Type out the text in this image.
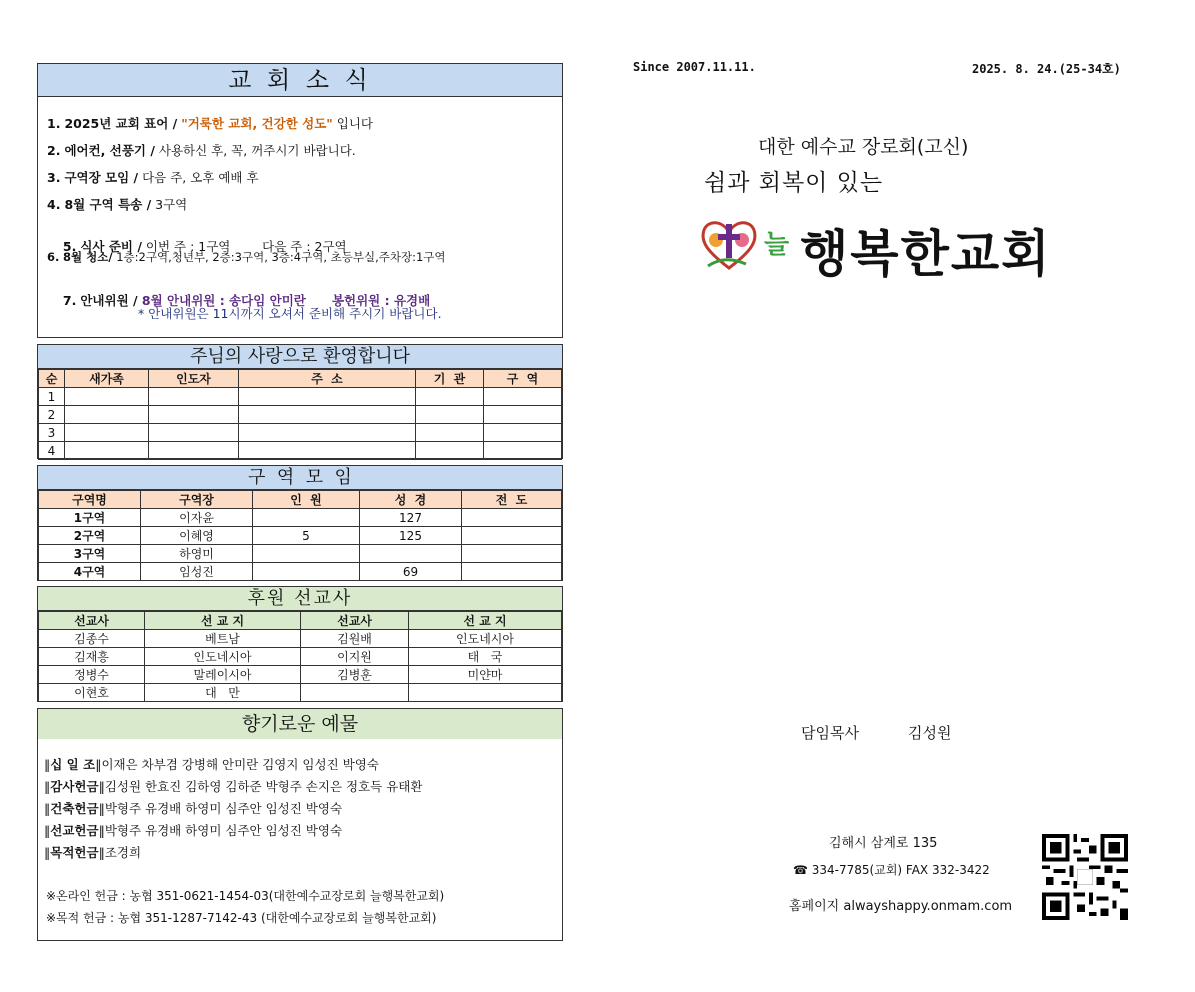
교 회 소 식
1. 2025년 교회 표어 / "거룩한 교회, 건강한 성도" 입니다
2. 에어컨, 선풍기 / 사용하신 후, 꼭, 꺼주시기 바랍니다.
3. 구역장 모임 / 다음 주, 오후 예배 후
4. 8월 구역 특송 / 3구역

5. 식사 준비 / 이번 주 : 1구역        다음 주 : 2구역

6. 8월 청소/ 1층:2구역,청년부, 2층:3구역, 3층:4구역, 초등부실,주차장:1구역

7. 안내위원 / 8월 안내위원 : 송다임 안미란      봉헌위원 : 유경배

* 안내위원은 11시까지 오셔서 준비해 주시기 바랍니다.
주님의 사랑으로 환영합니다
순	새가족	인도자	주  소	기  관	구  역
1					
2					
3					
4					
구  역  모  임
구역명	구역장	인  원	성  경	전  도
1구역	이자윤		127	
2구역	이혜영	5	125	
3구역	하영미			
4구역	임성진		69	
후원 선교사
선교사	선 교 지	선교사	선 교 지
김종수	베트남	김원배	인도네시아
김재흥	인도네시아	이지원	태   국
정병수	말레이시아	김병훈	미얀마
이현호	대   만		
향기로운 예물
‖십 일 조‖이재은 차부겸 강병해 안미란 김영지 임성진 박영숙
‖감사헌금‖김성원 한효진 김하영 김하준 박형주 손지은 정호득 유태환
‖건축헌금‖박형주 유경배 하영미 심주안 임성진 박영숙
‖선교헌금‖박형주 유경배 하영미 심주안 임성진 박영숙
‖목적헌금‖조경희
※온라인 헌금 : 농협 351-0621-1454-03(대한예수교장로회 늘행복한교회)
※목적 헌금 : 농협 351-1287-7142-43 (대한예수교장로회 늘행복한교회)
Since 2007.11.11.	2025. 8. 24.(25-34호)
대한 예수교 장로회(고신)
쉼과 회복이 있는
늘 행복한교회
담임목사	김성원
김해시 삼계로 135
☎ 334-7785(교회) FAX 332-3422
홈페이지 alwayshappy.onmam.com
